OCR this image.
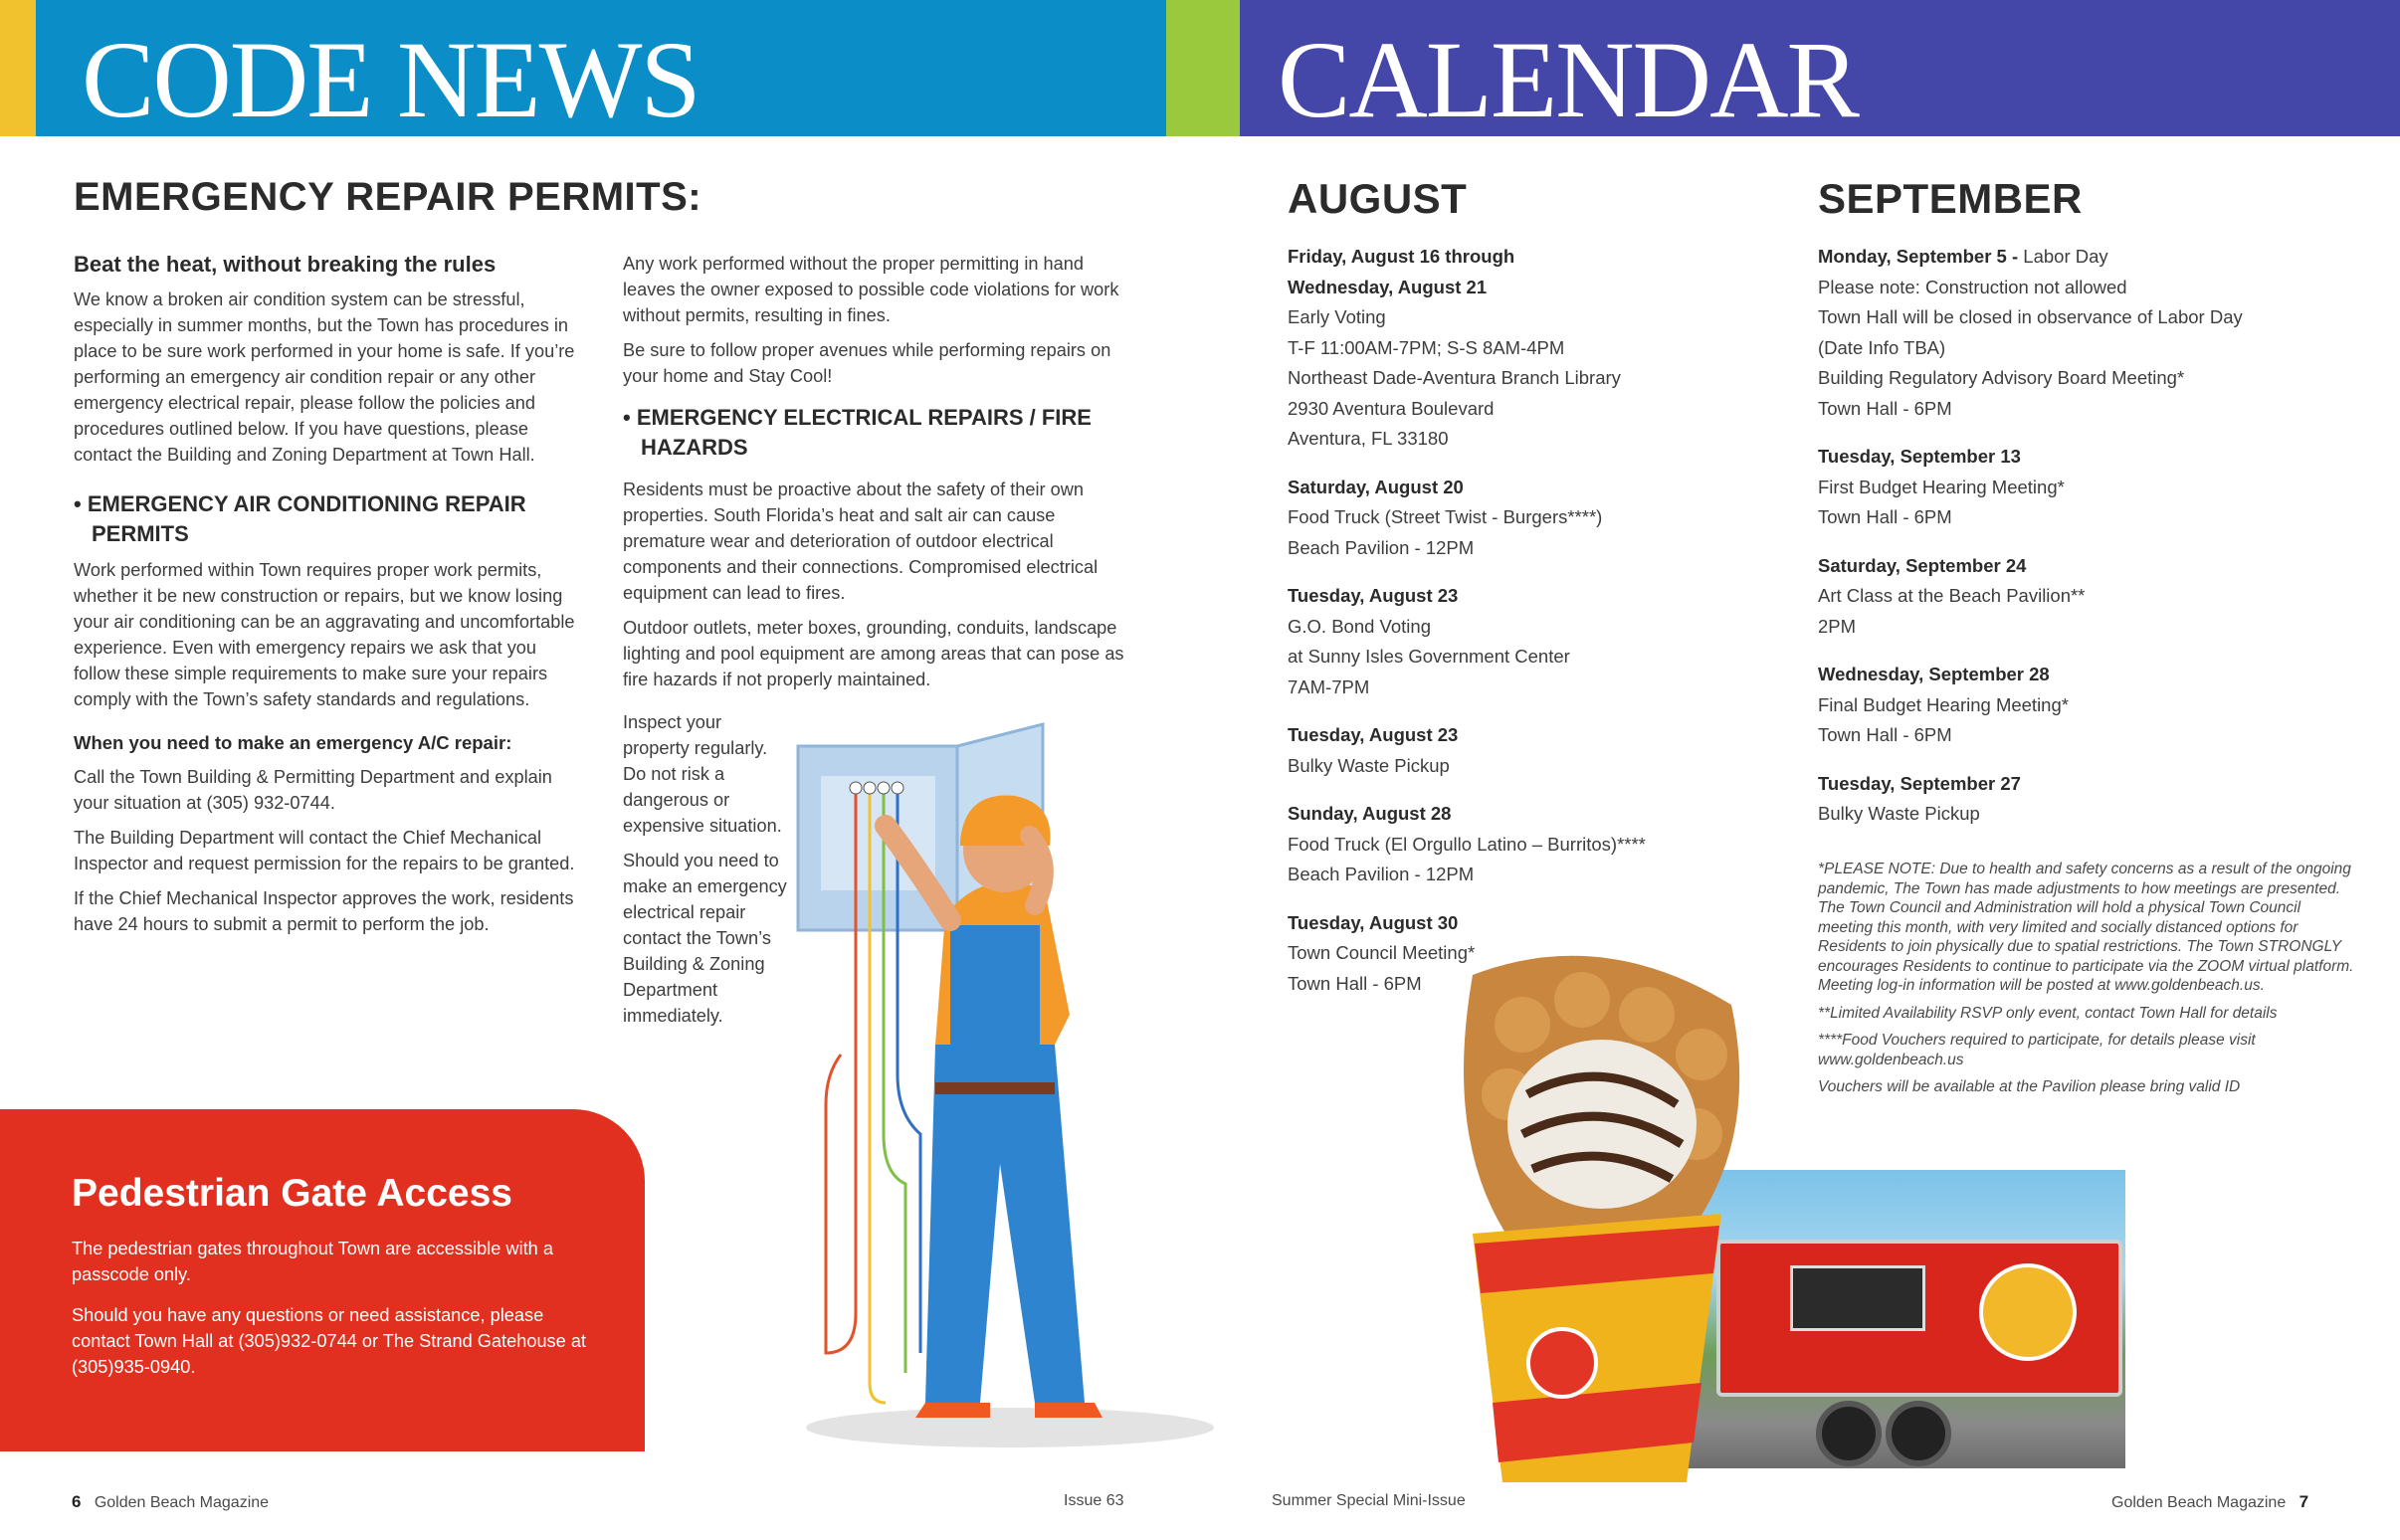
CODE NEWS	CALENDAR
EMERGENCY REPAIR PERMITS:
Beat the heat, without breaking the rules

We know a broken air condition system can be stressful, especially in summer months, but the Town has procedures in place to be sure work performed in your home is safe. If you’re performing an emergency air condition repair or any other emergency electrical repair, please follow the policies and procedures outlined below. If you have questions, please contact the Building and Zoning Department at Town Hall.

• EMERGENCY AIR CONDITIONING REPAIR PERMITS

Work performed within Town requires proper work permits, whether it be new construction or repairs, but we know losing your air conditioning can be an aggravating and uncomfortable experience. Even with emergency repairs we ask that you follow these simple requirements to make sure your repairs comply with the Town’s safety standards and regulations.

When you need to make an emergency A/C repair:

Call the Town Building & Permitting Department and explain your situation at (305) 932-0744.

The Building Department will contact the Chief Mechanical Inspector and request permission for the repairs to be granted.

If the Chief Mechanical Inspector approves the work, residents have 24 hours to submit a permit to perform the job.

Any work performed without the proper permitting in hand leaves the owner exposed to possible code violations for work without permits, resulting in fines.

Be sure to follow proper avenues while performing repairs on your home and Stay Cool!

• EMERGENCY ELECTRICAL REPAIRS / FIRE HAZARDS

Residents must be proactive about the safety of their own properties. South Florida’s heat and salt air can cause premature wear and deterioration of outdoor electrical components and their connections. Compromised electrical equipment can lead to fires.

Outdoor outlets, meter boxes, grounding, conduits, landscape lighting and pool equipment are among areas that can pose as fire hazards if not properly maintained.

Inspect your property regularly. Do not risk a dangerous or expensive situation.

Should you need to make an emergency electrical repair contact the Town’s Building & Zoning Department immediately.

Pedestrian Gate Access
The pedestrian gates throughout Town are accessible with a passcode only.
Should you have any questions or need assistance, please contact Town Hall at (305)932-0744 or The Strand Gatehouse at (305)935-0940.
AUGUST
Friday, August 16 through
Wednesday, August 21
Early Voting
T-F 11:00AM-7PM; S-S 8AM-4PM
Northeast Dade-Aventura Branch Library
2930 Aventura Boulevard
Aventura, FL 33180
Saturday, August 20
Food Truck (Street Twist - Burgers****)
Beach Pavilion - 12PM
Tuesday, August 23
G.O. Bond Voting
at Sunny Isles Government Center
7AM-7PM
Tuesday, August 23
Bulky Waste Pickup
Sunday, August 28
Food Truck (El Orgullo Latino – Burritos)****
Beach Pavilion - 12PM
Tuesday, August 30
Town Council Meeting*
Town Hall - 6PM
SEPTEMBER
Monday, September 5 - Labor Day
Please note: Construction not allowed
Town Hall will be closed in observance of Labor Day
(Date Info TBA)
Building Regulatory Advisory Board Meeting*
Town Hall - 6PM
Tuesday, September 13
First Budget Hearing Meeting*
Town Hall - 6PM
Saturday, September 24
Art Class at the Beach Pavilion**
2PM
Wednesday, September 28
Final Budget Hearing Meeting*
Town Hall - 6PM
Tuesday, September 27
Bulky Waste Pickup

*PLEASE NOTE: Due to health and safety concerns as a result of the ongoing pandemic, The Town has made adjustments to how meetings are presented. The Town Council and Administration will hold a physical Town Council meeting this month, with very limited and socially distanced options for Residents to join physically due to spatial restrictions. The Town STRONGLY encourages Residents to continue to participate via the ZOOM virtual platform. Meeting log-in information will be posted at www.goldenbeach.us.

**Limited Availability RSVP only event, contact Town Hall for details

****Food Vouchers required to participate, for details please visit www.goldenbeach.us

Vouchers will be available at the Pavilion please bring valid ID

6 Golden Beach Magazine	Issue 63	Summer Special Mini-Issue	Golden Beach Magazine 7
